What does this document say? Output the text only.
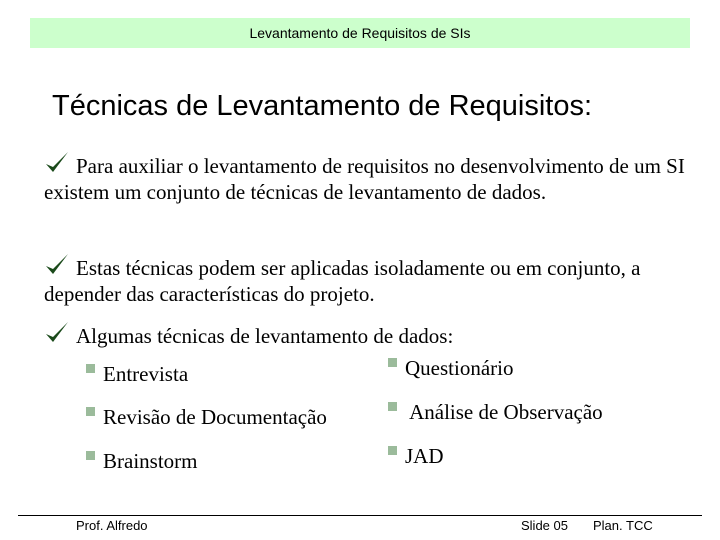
Levantamento de Requisitos de SIs
Técnicas de Levantamento de Requisitos:
Para auxiliar o levantamento de requisitos no desenvolvimento de um SI existem um conjunto de técnicas de levantamento de dados.
Estas técnicas podem ser aplicadas isoladamente ou em conjunto, a depender das características do projeto.
Algumas técnicas de levantamento de dados:
Entrevista
Revisão de Documentação
Brainstorm
Questionário
Análise de Observação
JAD
Prof. Alfredo	Slide 05 Plan. TCC
